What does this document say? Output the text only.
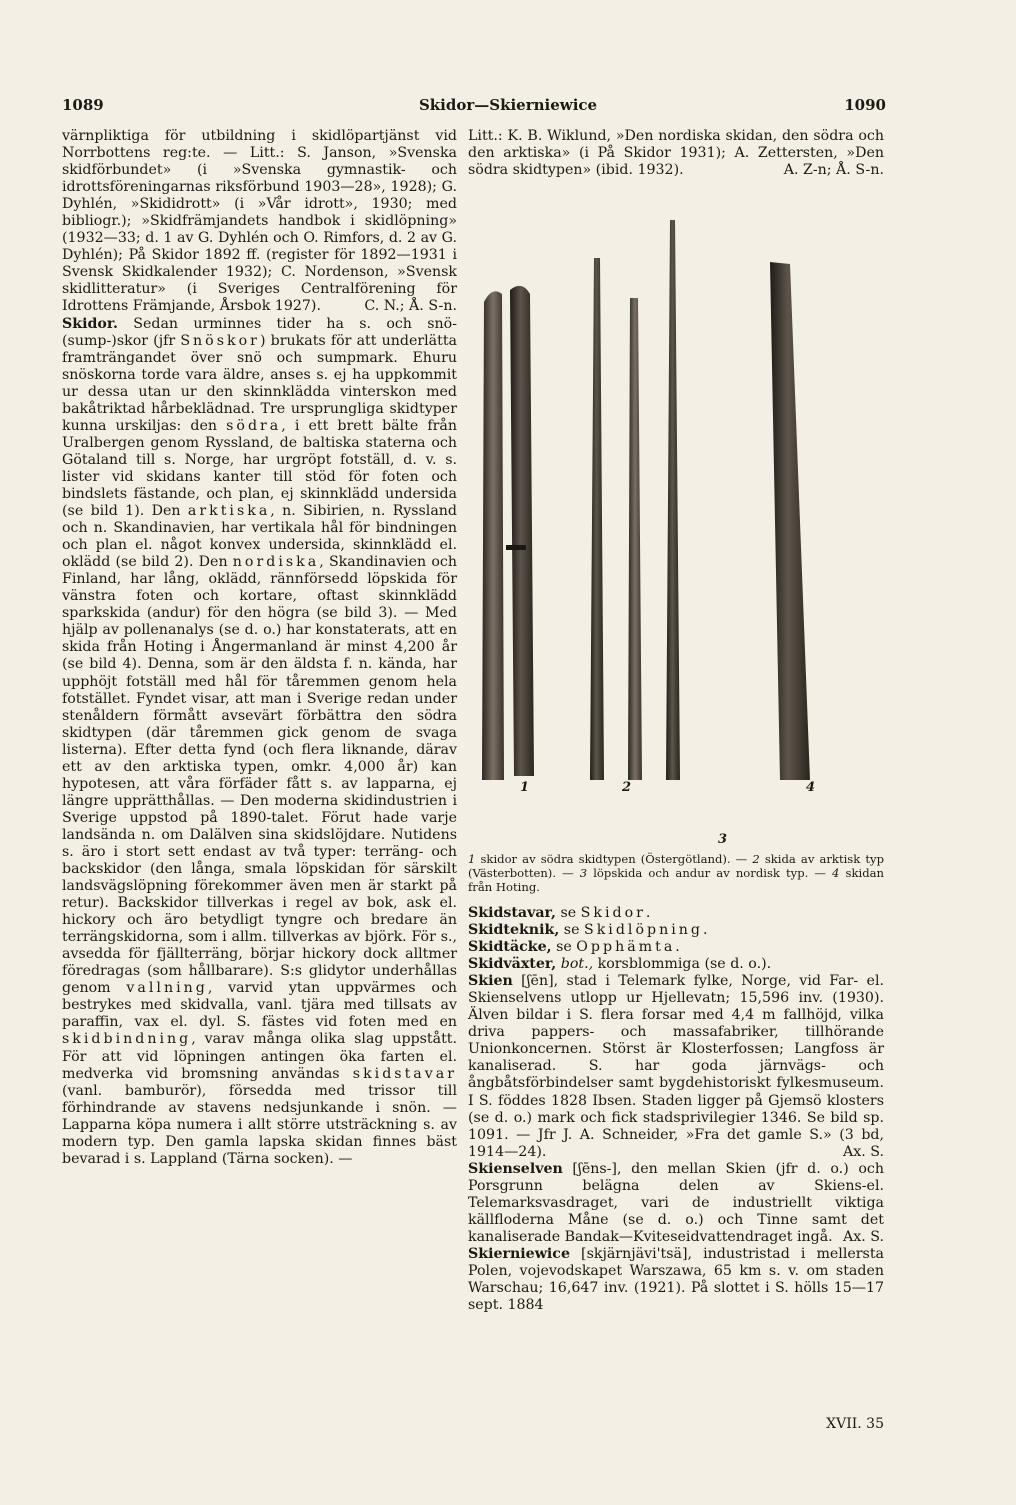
1089	Skidor—Skierniewice	1090

värnpliktiga för utbildning i skidlöpartjänst vid Norrbottens reg:te. — Litt.: S. Janson, »Svenska skidförbundet» (i »Svenska gymnastik- och idrottsföreningarnas riksförbund 1903—28», 1928); G. Dyhlén, »Skididrott» (i »Vår idrott», 1930; med bibliogr.); »Skidfrämjandets handbok i skidlöpning» (1932—33; d. 1 av G. Dyhlén och O. Rimfors, d. 2 av G. Dyhlén); På Skidor 1892 ff. (register för 1892—1931 i Svensk Skidkalender 1932); C. Nordenson, »Svensk skidlitteratur» (i Sveriges Centralförening för Idrottens Främjande, Årsbok 1927).	C. N.; Å. S-n.

Skidor. Sedan urminnes tider ha s. och snö-(sump-)skor (jfr Snöskor) brukats för att underlätta framträngandet över snö och sumpmark. Ehuru snöskorna torde vara äldre, anses s. ej ha uppkommit ur dessa utan ur den skinnklädda vinterskon med bakåtriktad hårbeklädnad. Tre ursprungliga skidtyper kunna urskiljas: den södra, i ett brett bälte från Uralbergen genom Ryssland, de baltiska staterna och Götaland till s. Norge, har urgröpt fotställ, d. v. s. lister vid skidans kanter till stöd för foten och bindslets fästande, och plan, ej skinnklädd undersida (se bild 1). Den arktiska, n. Sibirien, n. Ryssland och n. Skandinavien, har vertikala hål för bindningen och plan el. något konvex undersida, skinnklädd el. oklädd (se bild 2). Den nordiska, Skandinavien och Finland, har lång, oklädd, rännförsedd löpskida för vänstra foten och kortare, oftast skinnklädd sparkskida (andur) för den högra (se bild 3). — Med hjälp av pollenanalys (se d. o.) har konstaterats, att en skida från Hoting i Ångermanland är minst 4,200 år (se bild 4). Denna, som är den äldsta f. n. kända, har upphöjt fotställ med hål för tåremmen genom hela fotstället. Fyndet visar, att man i Sverige redan under stenåldern förmått avsevärt förbättra den södra skidtypen (där tåremmen gick genom de svaga listerna). Efter detta fynd (och flera liknande, därav ett av den arktiska typen, omkr. 4,000 år) kan hypotesen, att våra förfäder fått s. av lapparna, ej längre upprätthållas. — Den moderna skidindustrien i Sverige uppstod på 1890-talet. Förut hade varje landsända n. om Dalälven sina skidslöjdare. Nutidens s. äro i stort sett endast av två typer: terräng- och backskidor (den långa, smala löpskidan för särskilt landsvägslöpning förekommer även men är starkt på retur). Backskidor tillverkas i regel av bok, ask el. hickory och äro betydligt tyngre och bredare än terrängskidorna, som i allm. tillverkas av björk. För s., avsedda för fjällterräng, börjar hickory dock alltmer föredragas (som hållbarare). S:s glidytor underhållas genom vallning, varvid ytan uppvärmes och bestrykes med skidvalla, vanl. tjära med tillsats av paraffin, vax el. dyl. S. fästes vid foten med en skidbindning, varav många olika slag uppstått. För att vid löpningen antingen öka farten el. medverka vid bromsning användas skidstavar (vanl. bamburör), försedda med trissor till förhindrande av stavens nedsjunkande i snön. — Lapparna köpa numera i allt större utsträckning s. av modern typ. Den gamla lapska skidan finnes bäst bevarad i s. Lappland (Tärna socken). —

Litt.: K. B. Wiklund, »Den nordiska skidan, den södra och den arktiska» (i På Skidor 1931); A. Zettersten, »Den södra skidtypen» (ibid. 1932).	A. Z-n; Å. S-n.

1	2
3
4
1 skidor av södra skidtypen (Östergötland). — 2 skida av arktisk typ (Västerbotten). — 3 löpskida och andur av nordisk typ. — 4 skidan från Hoting.

Skidstavar, se Skidor.

Skidteknik, se Skidlöpning.

Skidtäcke, se Opphämta.

Skidväxter, bot., korsblommiga (se d. o.).

Skien [ʃēn], stad i Telemark fylke, Norge, vid Far- el. Skienselvens utlopp ur Hjellevatn; 15,596 inv. (1930). Älven bildar i S. flera forsar med 4,4 m fallhöjd, vilka driva pappers- och massafabriker, tillhörande Unionkoncernen. Störst är Klosterfossen; Langfoss är kanaliserad. S. har goda järnvägs- och ångbåtsförbindelser samt bygdehistoriskt fylkesmuseum. I S. föddes 1828 Ibsen. Staden ligger på Gjemsö klosters (se d. o.) mark och fick stadsprivilegier 1346. Se bild sp. 1091. — Jfr J. A. Schneider, »Fra det gamle S.» (3 bd, 1914—24).	Ax. S.

Skienselven [ʃēns-], den mellan Skien (jfr d. o.) och Porsgrunn belägna delen av Skiens-el. Telemarksvasdraget, vari de industriellt viktiga källfloderna Måne (se d. o.) och Tinne samt det kanaliserade Bandak—Kviteseidvattendraget ingå. Ax. S.

Skierniewice [skjärnjävi'tsä], industristad i mellersta Polen, vojevodskapet Warszawa, 65 km s. v. om staden Warschau; 16,647 inv. (1921). På slottet i S. hölls 15—17 sept. 1884

XVII. 35
